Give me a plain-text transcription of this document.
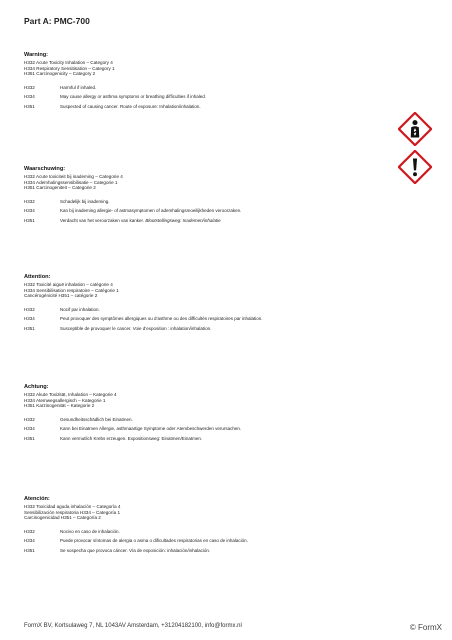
Part A: PMC-700
Warning:
H332 Acute Toxicity Inhalation – Category 4
H334 Respiratory Sensitisation – Category 1
H351 Carcinogenicity – Category 2
H332	Harmful if inhaled.
H334	May cause allergy or asthma symptoms or breathing difficulties if inhaled.
H351	Suspected of causing cancer. Route of exposure: Inhalation/inhalation.
Waarschuwing:
H332 Acute toxiciteit bij inademing – Categorie 4
H334 Ademhalingssensibilisatie – Categorie 1
H351 Carcinogeniteit – Categorie 2
H332	Schadelijk bij inademing.
H334	Kan bij inademing allergie- of astmasymptomen of ademhalingsmoeilijkheden veroorzaken.
H351	Verdacht van het veroorzaken van kanker. Blootstellingsweg: Inademen/inhalatie
Attention:
H332 Toxicité aiguë inhalation – catégorie 4
H334 Sensibilisation respiratoire – Catégorie 1
Cancérogénicité H351 – catégorie 2
H332	Nocif par inhalation.
H334	Peut provoquer des symptômes allergiques ou d’asthme ou des difficultés respiratoires par inhalation.
H351	Susceptible de provoquer le cancer. Voie d’exposition : inhalation/inhalation.
Achtung:
H332 Akute Toxizität, Inhalation – Kategorie 4
H334 Atemwegsallergisch – Kategorie 1
H351 Karzinogenität – Kategorie 2
H332	Gesundheitsschädlich bei Einatmen.
H334	Kann bei Einatmen Allergie, asthmaartige Symptome oder Atembeschwerden verursachen.
H351	Kann vermutlich Krebs erzeugen. Expositionsweg: Einatmen/Einatmen.
Atención:
H332 Toxicidad aguda inhalación – Categoría 4
Sensibilización respiratoria H334 – Categoría 1
Carcinogenicidad H351 – Categoría 2
H332	Nocivo en caso de inhalación.
H334	Puede provocar síntomas de alergia o asma o dificultades respiratorias en caso de inhalación.
H351	Se sospecha que provoca cáncer. Vía de exposición: inhalación/inhalación.
FormX BV, Kortsulaweg 7, NL 1043AV Amsterdam, +31204182100, info@formx.nl	© FormX
